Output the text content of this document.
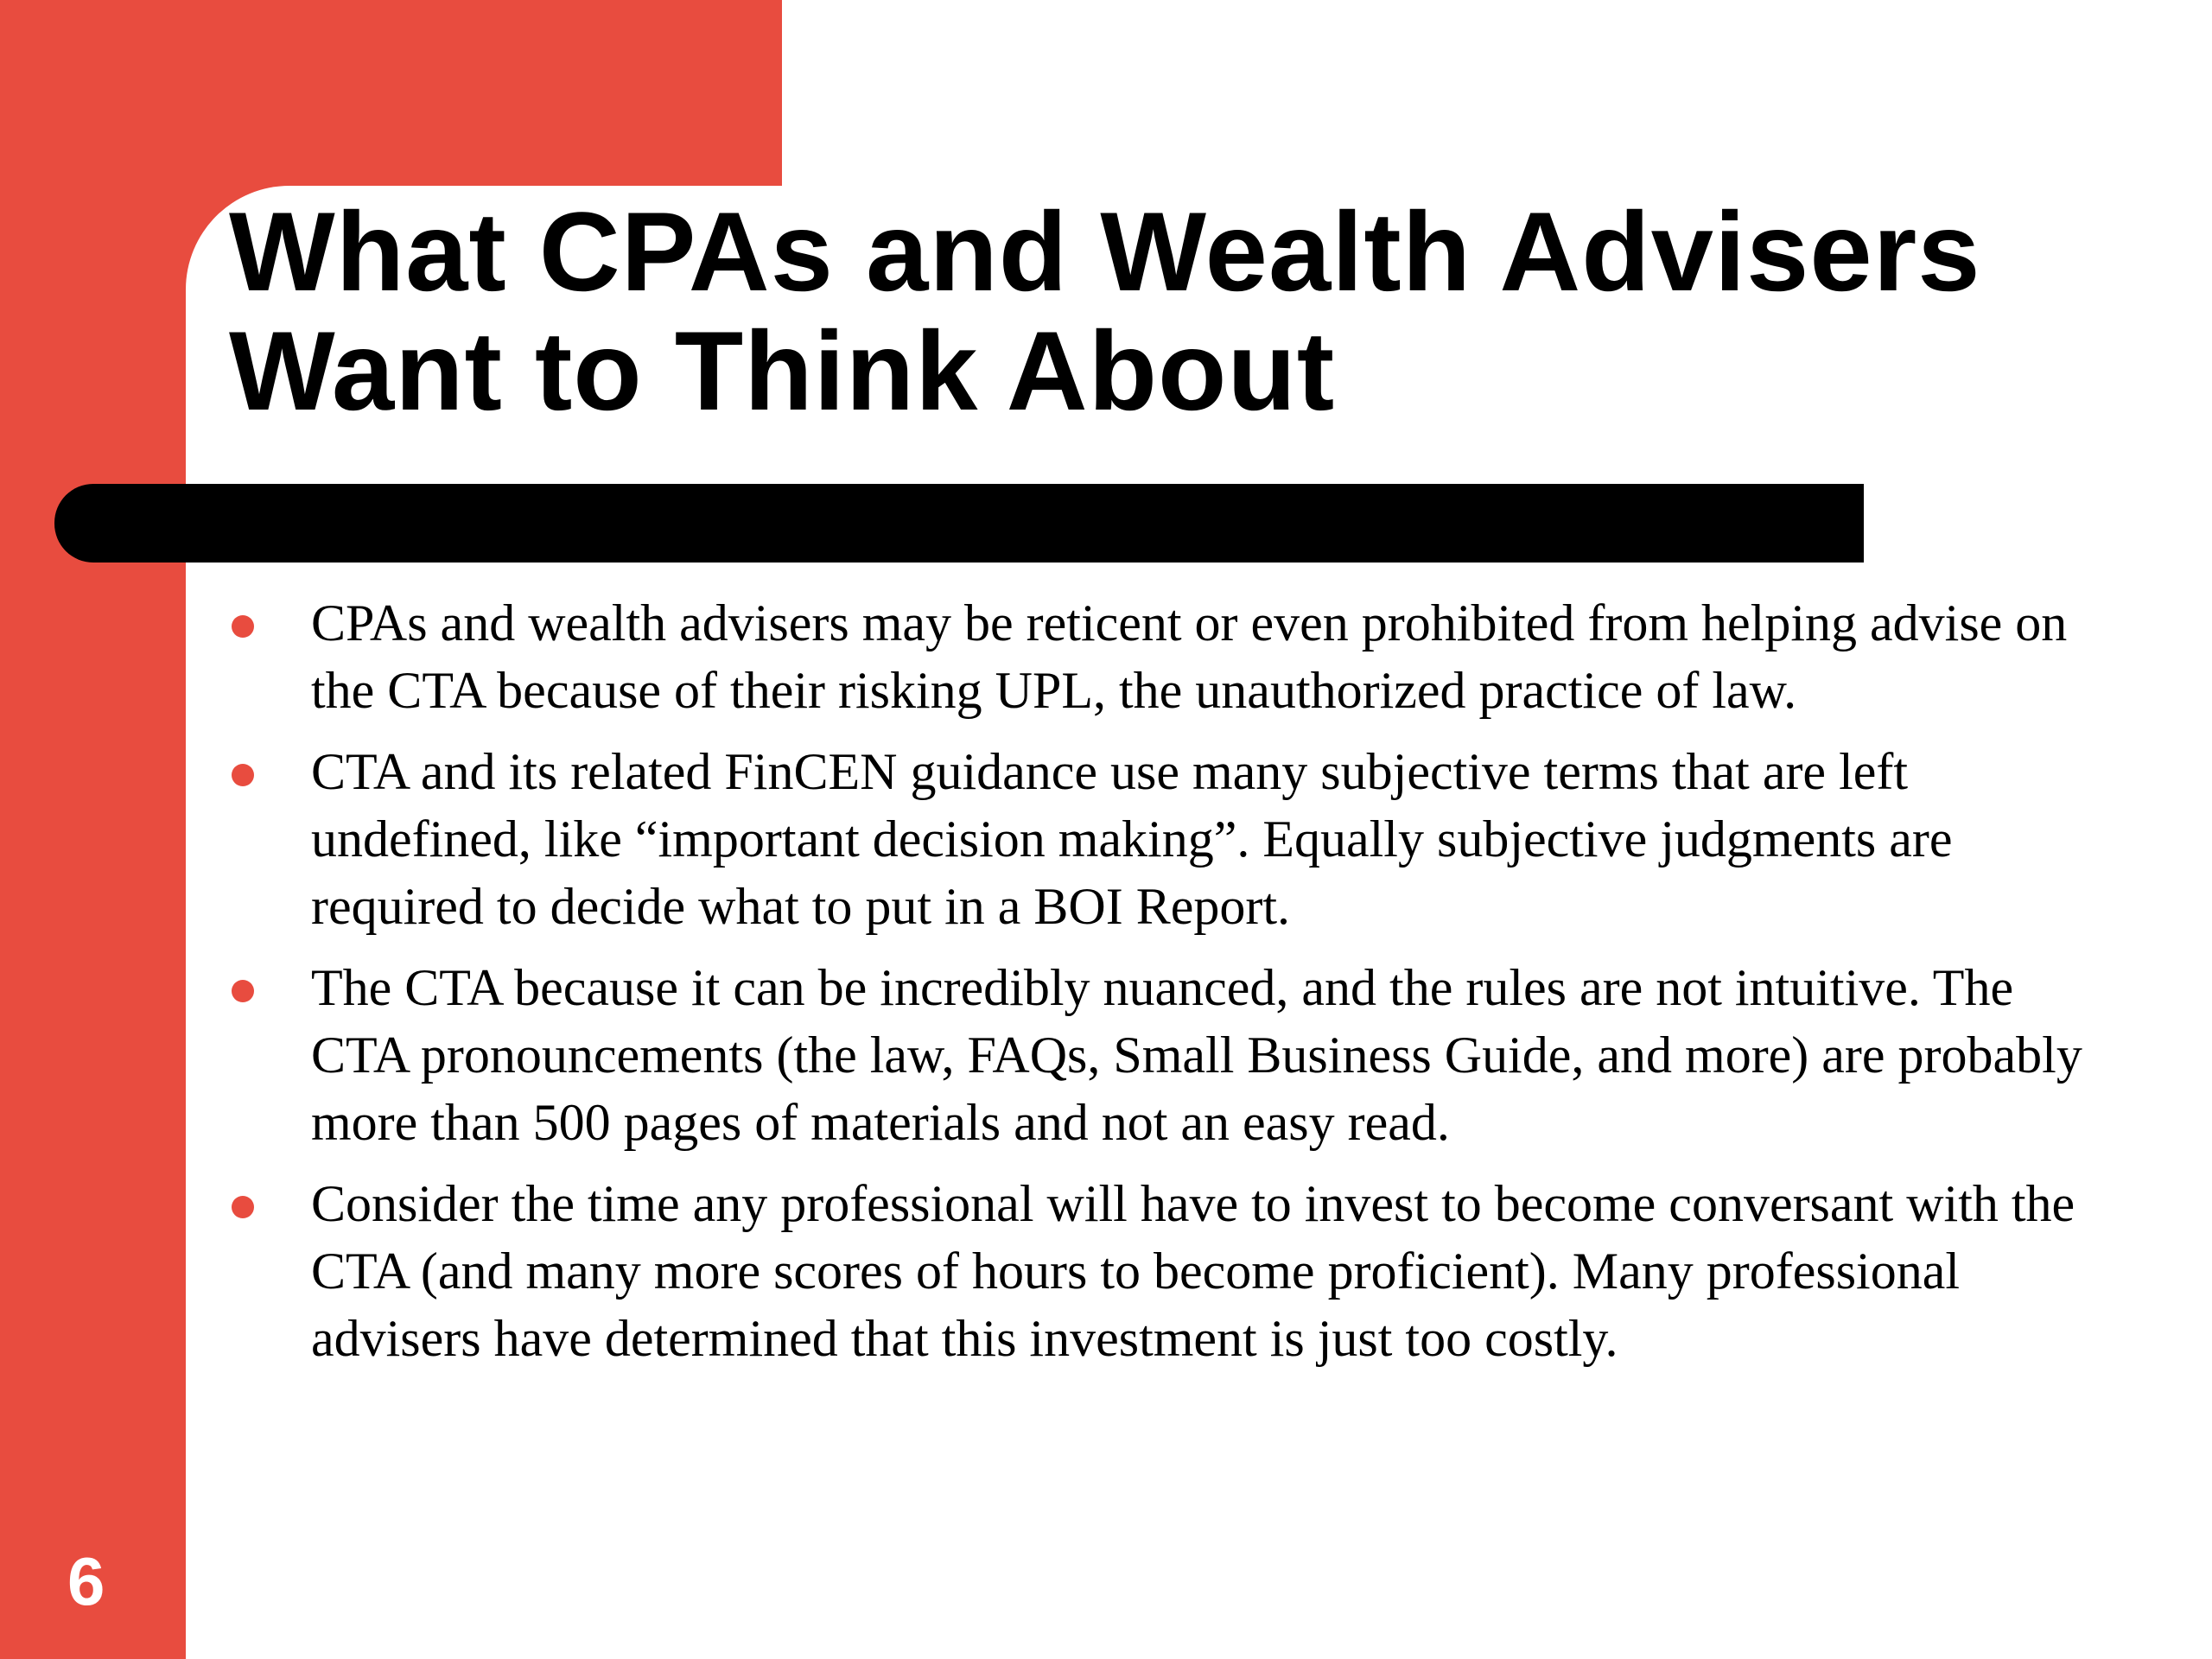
What CPAs and Wealth Advisers Want to Think About
CPAs and wealth advisers may be reticent or even prohibited from helping advise on the CTA because of their risking UPL, the unauthorized practice of law.
CTA and its related FinCEN guidance use many subjective terms that are left undefined, like “important decision making”. Equally subjective judgments are required to decide what to put in a BOI Report.
The CTA because it can be incredibly nuanced, and the rules are not intuitive. The CTA pronouncements (the law, FAQs, Small Business Guide, and more) are probably more than 500 pages of materials and not an easy read.
Consider the time any professional will have to invest to become conversant with the CTA (and many more scores of hours to become proficient). Many professional advisers have determined that this investment is just too costly.
6
